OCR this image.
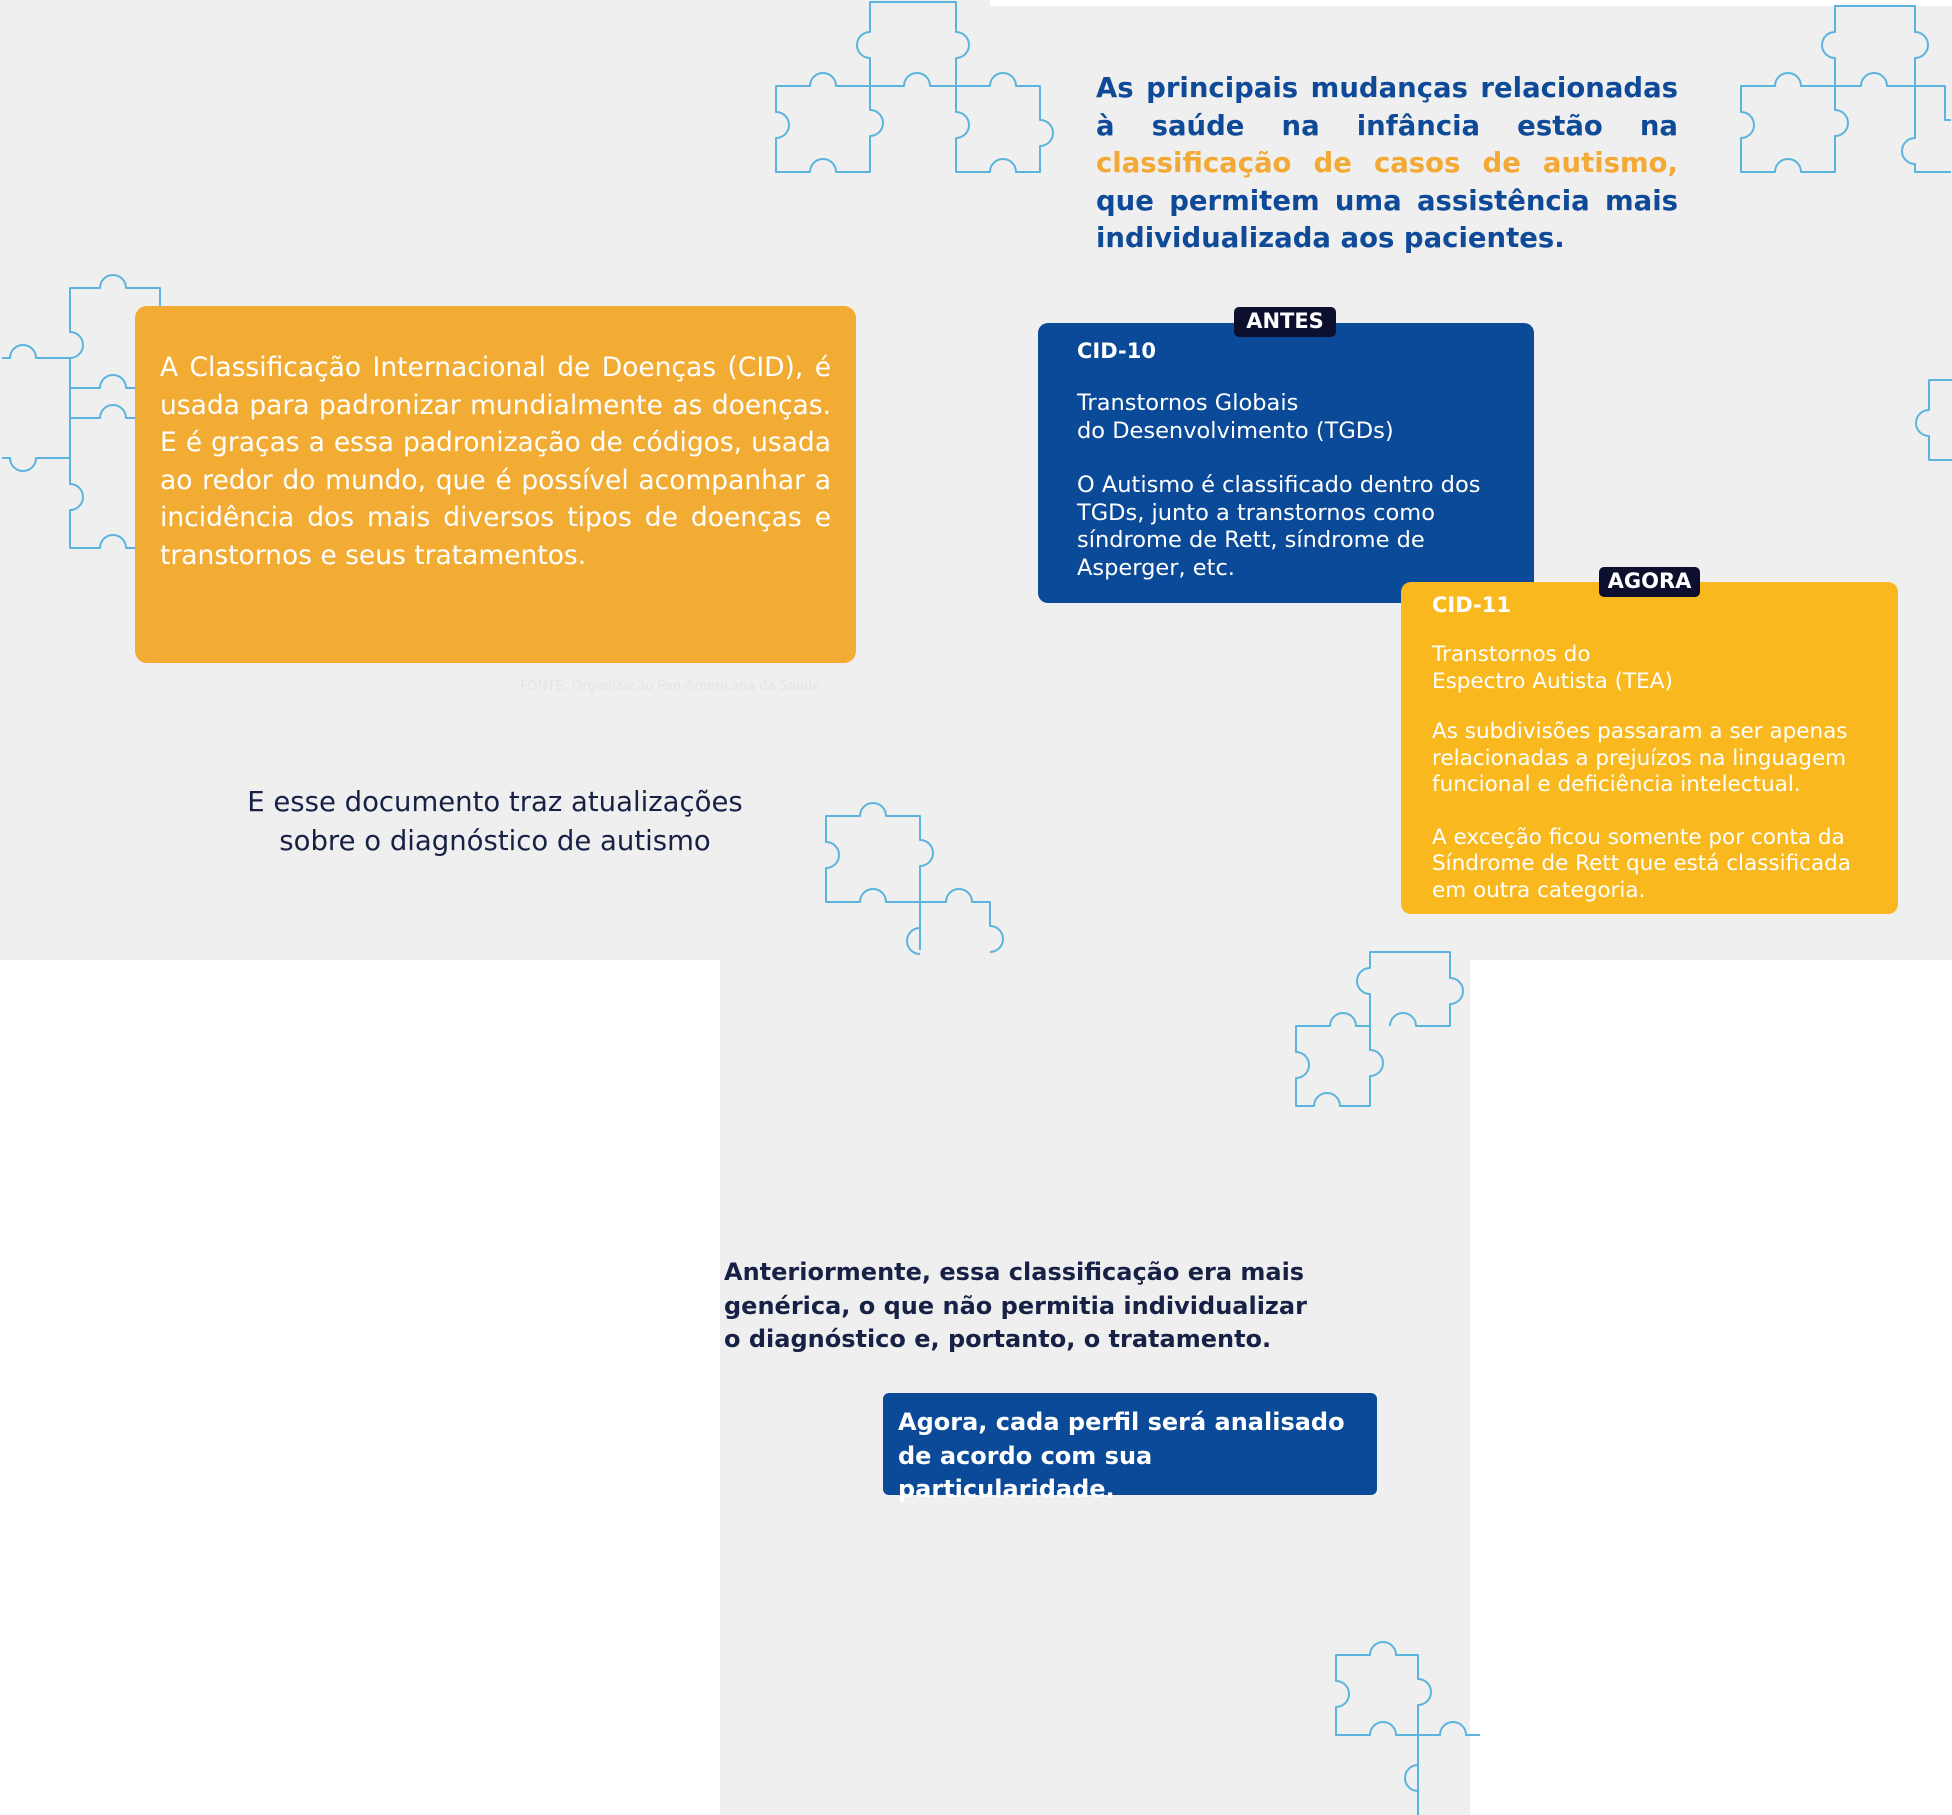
As principais mudanças relacionadas à saúde na infância estão na classificação de casos de autismo, que permitem uma assistência mais individualizada aos pacientes.

A Classificação Internacional de Doenças (CID), é usada para padronizar mundialmente as doenças. E é graças a essa padronização de códigos, usada ao redor do mundo, que é possível acompanhar a incidência dos mais diversos tipos de doenças e transtornos e seus tratamentos.

FONTE: Organização Pan-Americana da Saúde
E esse documento traz atualizações
sobre o diagnóstico de autismo

CID-10

Transtornos Globais

do Desenvolvimento (TGDs)

O Autismo é classificado dentro dos

TGDs, junto a transtornos como

síndrome de Rett, síndrome de

Asperger, etc.

ANTES

CID-11

Transtornos do

Espectro Autista (TEA)

As subdivisões passaram a ser apenas

relacionadas a prejuízos na linguagem

funcional e deficiência intelectual.

A exceção ficou somente por conta da

Síndrome de Rett que está classificada

em outra categoria.

AGORA

Anteriormente, essa classificação era mais

genérica, o que não permitia individualizar

o diagnóstico e, portanto, o tratamento.

Agora, cada perfil será analisado

de acordo com sua particularidade.
